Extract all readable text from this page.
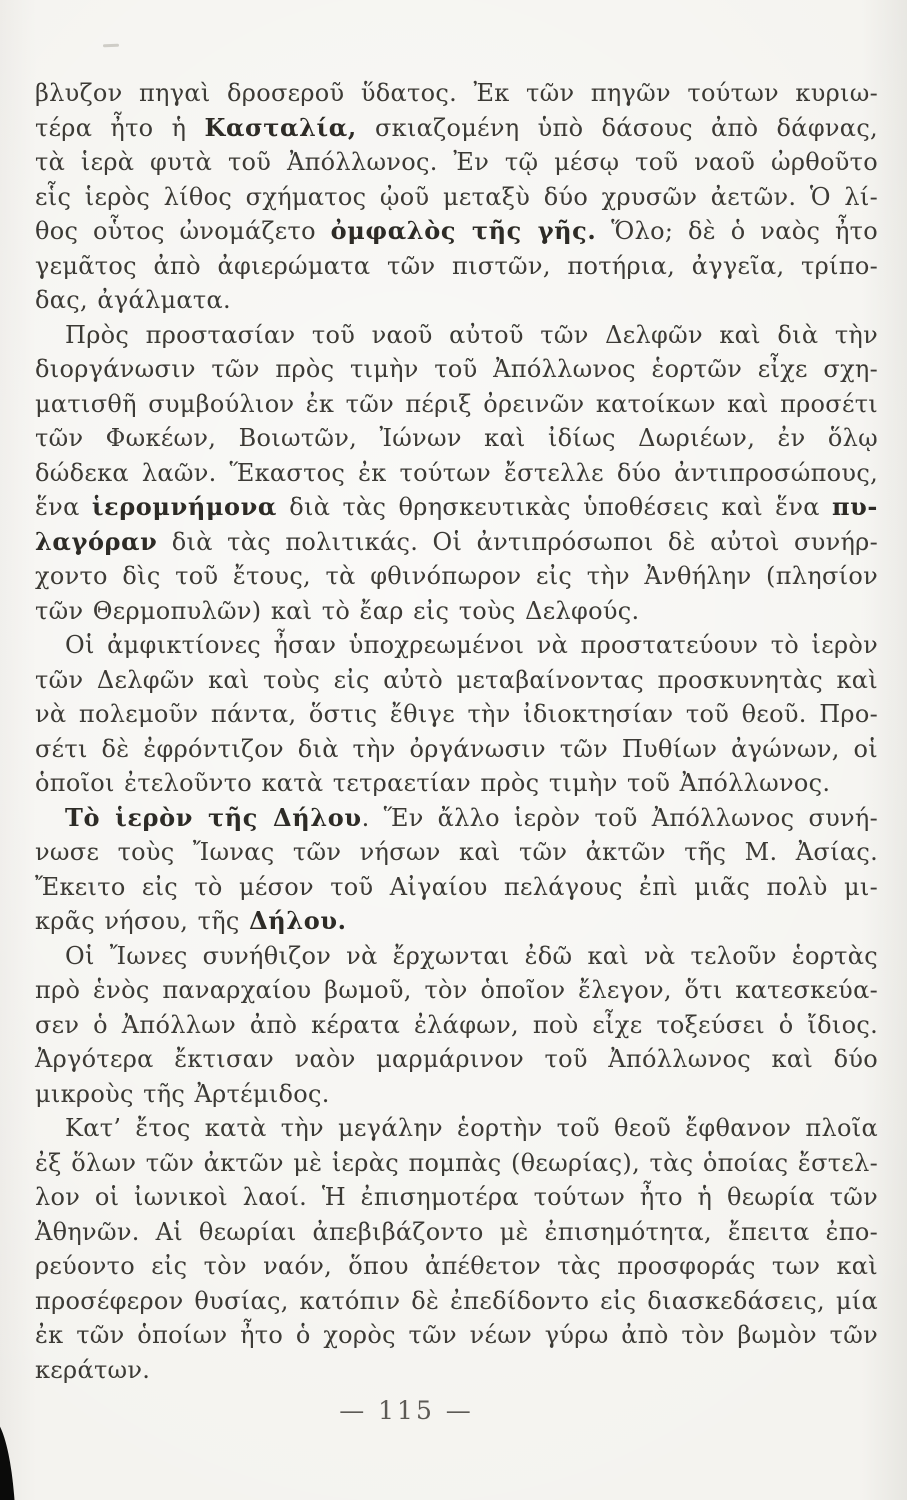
βλυζον πηγαὶ δροσεροῦ ὕδατος. Ἐκ τῶν πηγῶν τούτων κυριω-
τέρα ἦτο ἡ Κασταλία, σκιαζομένη ὑπὸ δάσους ἀπὸ δάφνας,
τὰ ἱερὰ φυτὰ τοῦ Ἀπόλλωνος. Ἐν τῷ μέσῳ τοῦ ναοῦ ὠρθοῦτο
εἷς ἱερὸς λίθος σχήματος ᾠοῦ μεταξὺ δύο χρυσῶν ἀετῶν. Ὁ λί-
θος οὗτος ὠνομάζετο ὀμφαλὸς τῆς γῆς. Ὅλο; δὲ ὁ ναὸς ἦτο
γεμᾶτος ἀπὸ ἀφιερώματα τῶν πιστῶν, ποτήρια, ἀγγεῖα, τρίπο-
δας, ἀγάλματα.
Πρὸς προστασίαν τοῦ ναοῦ αὐτοῦ τῶν Δελφῶν καὶ διὰ τὴν
διοργάνωσιν τῶν πρὸς τιμὴν τοῦ Ἀπόλλωνος ἑορτῶν εἶχε σχη-
ματισθῆ συμβούλιον ἐκ τῶν πέριξ ὀρεινῶν κατοίκων καὶ προσέτι
τῶν Φωκέων, Βοιωτῶν, Ἰώνων καὶ ἰδίως Δωριέων, ἐν ὅλῳ
δώδεκα λαῶν. Ἕκαστος ἐκ τούτων ἔστελλε δύο ἀντιπροσώπους,
ἕνα ἱερομνήμονα διὰ τὰς θρησκευτικὰς ὑποθέσεις καὶ ἕνα πυ-
λαγόραν διὰ τὰς πολιτικάς. Οἱ ἀντιπρόσωποι δὲ αὐτοὶ συνήρ-
χοντο δὶς τοῦ ἔτους, τὰ φθινόπωρον εἰς τὴν Ἀνθήλην (πλησίον
τῶν Θερμοπυλῶν) καὶ τὸ ἔαρ εἰς τοὺς Δελφούς.
Οἱ ἀμφικτίονες ἦσαν ὑποχρεωμένοι νὰ προστατεύουν τὸ ἱερὸν
τῶν Δελφῶν καὶ τοὺς εἰς αὐτὸ μεταβαίνοντας προσκυνητὰς καὶ
νὰ πολεμοῦν πάντα, ὅστις ἔθιγε τὴν ἰδιοκτησίαν τοῦ θεοῦ. Προ-
σέτι δὲ ἐφρόντιζον διὰ τὴν ὀργάνωσιν τῶν Πυθίων ἀγώνων, οἱ
ὁποῖοι ἐτελοῦντο κατὰ τετραετίαν πρὸς τιμὴν τοῦ Ἀπόλλωνος.
Τὸ ἱερὸν τῆς Δήλου. Ἕν ἄλλο ἱερὸν τοῦ Ἀπόλλωνος συνή-
νωσε τοὺς Ἴωνας τῶν νήσων καὶ τῶν ἀκτῶν τῆς Μ. Ἀσίας.
Ἔκειτο εἰς τὸ μέσον τοῦ Αἰγαίου πελάγους ἐπὶ μιᾶς πολὺ μι-
κρᾶς νήσου, τῆς Δήλου.
Οἱ Ἴωνες συνήθιζον νὰ ἔρχωνται ἐδῶ καὶ νὰ τελοῦν ἑορτὰς
πρὸ ἑνὸς παναρχαίου βωμοῦ, τὸν ὁποῖον ἔλεγον, ὅτι κατεσκεύα-
σεν ὁ Ἀπόλλων ἀπὸ κέρατα ἐλάφων, ποὺ εἶχε τοξεύσει ὁ ἴδιος.
Ἀργότερα ἔκτισαν ναὸν μαρμάρινον τοῦ Ἀπόλλωνος καὶ δύο
μικροὺς τῆς Ἀρτέμιδος.
Κατ’ ἔτος κατὰ τὴν μεγάλην ἑορτὴν τοῦ θεοῦ ἔφθανον πλοῖα
ἐξ ὅλων τῶν ἀκτῶν μὲ ἱερὰς πομπὰς (θεωρίας), τὰς ὁποίας ἔστελ-
λον οἱ ἰωνικοὶ λαοί. Ἡ ἐπισημοτέρα τούτων ἦτο ἡ θεωρία τῶν
Ἀθηνῶν. Αἱ θεωρίαι ἀπεβιβάζοντο μὲ ἐπισημότητα, ἔπειτα ἐπο-
ρεύοντο εἰς τὸν ναόν, ὅπου ἀπέθετον τὰς προσφοράς των καὶ
προσέφερον θυσίας, κατόπιν δὲ ἐπεδίδοντο εἰς διασκεδάσεις, μία
ἐκ τῶν ὁποίων ἦτο ὁ χορὸς τῶν νέων γύρω ἀπὸ τὸν βωμὸν τῶν
κεράτων.
— 115 —
